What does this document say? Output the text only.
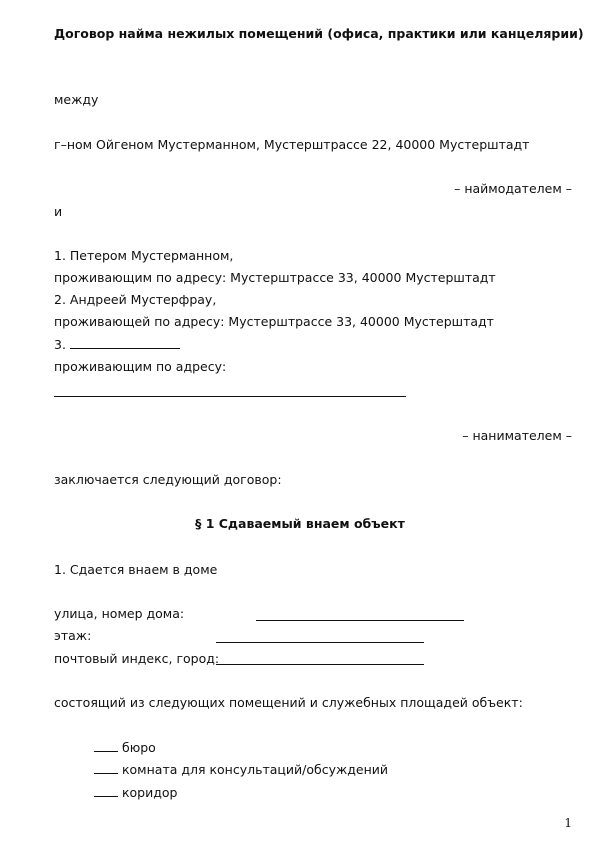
Договор найма нежилых помещений (офиса, практики или канцелярии)
между
г–ном Ойгеном Мустерманном, Мустерштрассе 22, 40000 Мустерштадт
– наймодателем –
и
1. Петером Мустерманном,
проживающим по адресу: Мустерштрассе 33, 40000 Мустерштадт
2. Андреей Мустерфрау,
проживающей по адресу: Мустерштрассе 33, 40000 Мустерштадт
3.
проживающим по адресу:
– нанимателем –
заключается следующий договор:
§ 1 Сдаваемый внаем объект
1. Сдается внаем в доме
улица, номер дома:
этаж:
почтовый индекс, город:
состоящий из следующих помещений и служебных площадей объект:
бюро
комната для консультаций/обсуждений
коридор
1
